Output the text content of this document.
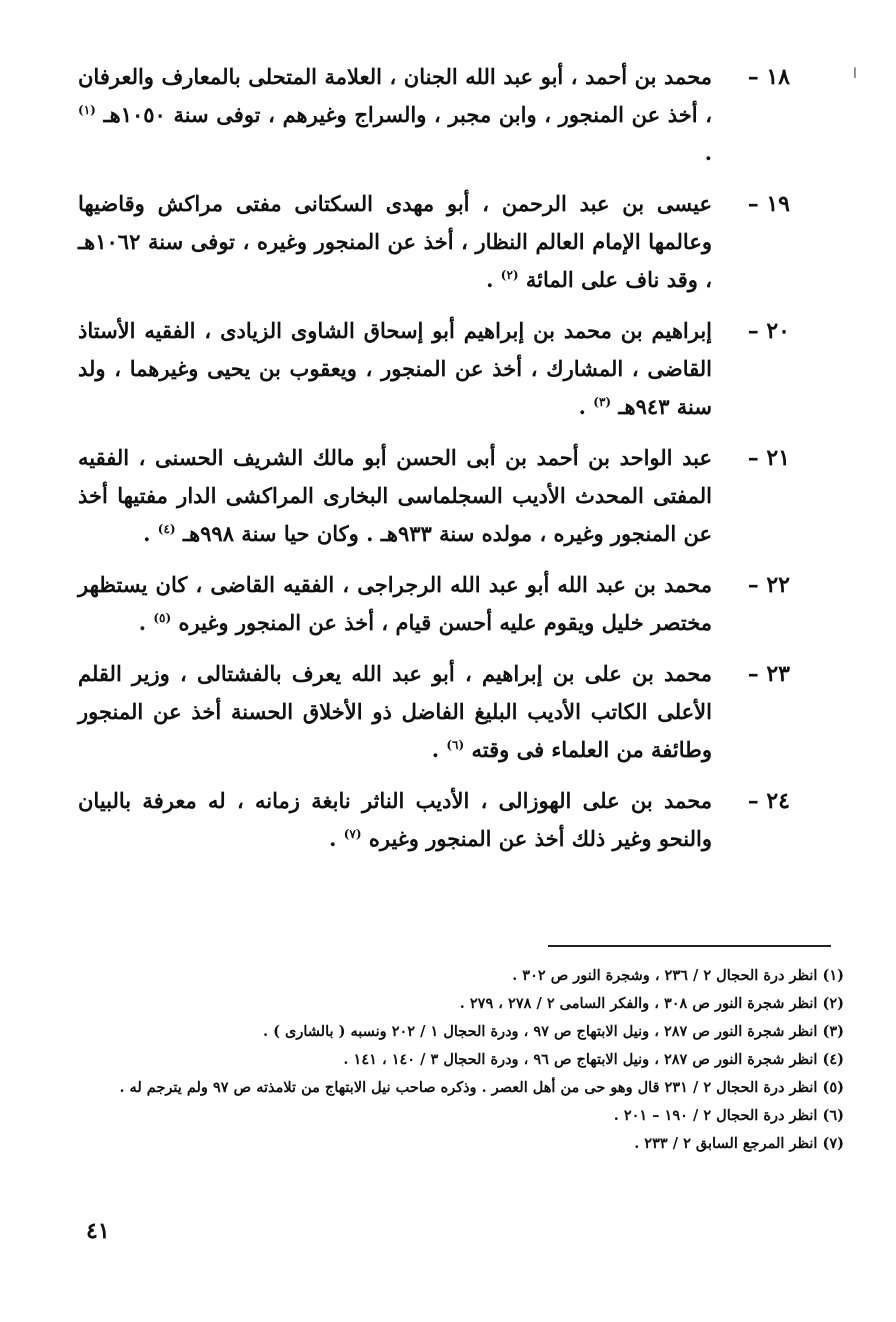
ا
١٨ –

محمد بن أحمد ، أبو عبد الله الجنان ، العلامة المتحلى بالمعارف والعرفان ، أخذ عن المنجور ، وابن مجبر ، والسراج وغيرهم ، توفى سنة ١٠٥٠هـ $^{(١)}$ .

١٩ –

عيسى بن عبد الرحمن ، أبو مهدى السكتانى مفتى مراكش وقاضيها وعالمها الإمام العالم النظار ، أخذ عن المنجور وغيره ، توفى سنة ١٠٦٢هـ ، وقد ناف على المائة $^{(٢)}$ .

٢٠ –

إبراهيم بن محمد بن إبراهيم أبو إسحاق الشاوى الزيادى ، الفقيه الأستاذ القاضى ، المشارك ، أخذ عن المنجور ، ويعقوب بن يحيى وغيرهما ، ولد سنة ٩٤٣هـ $^{(٣)}$ .

٢١ –

عبد الواحد بن أحمد بن أبى الحسن أبو مالك الشريف الحسنى ، الفقيه المفتى المحدث الأديب السجلماسى البخارى المراكشى الدار مفتيها أخذ عن المنجور وغيره ، مولده سنة ٩٣٣هـ . وكان حيا سنة ٩٩٨هـ $^{(٤)}$ .

٢٢ –

محمد بن عبد الله أبو عبد الله الرجراجى ، الفقيه القاضى ، كان يستظهر مختصر خليل ويقوم عليه أحسن قيام ، أخذ عن المنجور وغيره $^{(٥)}$ .

٢٣ –

محمد بن على بن إبراهيم ، أبو عبد الله يعرف بالفشتالى ، وزير القلم الأعلى الكاتب الأديب البليغ الفاضل ذو الأخلاق الحسنة أخذ عن المنجور وطائفة من العلماء فى وقته $^{(٦)}$ .

٢٤ –

محمد بن على الهوزالى ، الأديب الناثر نابغة زمانه ، له معرفة بالبيان والنحو وغير ذلك أخذ عن المنجور وغيره $^{(٧)}$ .

(١) انظر درة الحجال ٢ / ٢٣٦ ، وشجرة النور ص ٣٠٢ .
(٢) انظر شجرة النور ص ٣٠٨ ، والفكر السامى ٢ / ٢٧٨ ، ٢٧٩ .
(٣) انظر شجرة النور ص ٢٨٧ ، ونيل الابتهاج ص ٩٧ ، ودرة الحجال ١ / ٢٠٢ ونسبه ( بالشارى ) .
(٤) انظر شجرة النور ص ٢٨٧ ، ونيل الابتهاج ص ٩٦ ، ودرة الحجال ٣ / ١٤٠ ، ١٤١ .
(٥) انظر درة الحجال ٢ / ٢٣١ قال وهو حى من أهل العصر . وذكره صاحب نيل الابتهاج من تلامذته ص ٩٧ ولم يترجم له .
(٦) انظر درة الحجال ٢ / ١٩٠ – ٢٠١ .
(٧) انظر المرجع السابق ٢ / ٢٣٣ .
٤١
